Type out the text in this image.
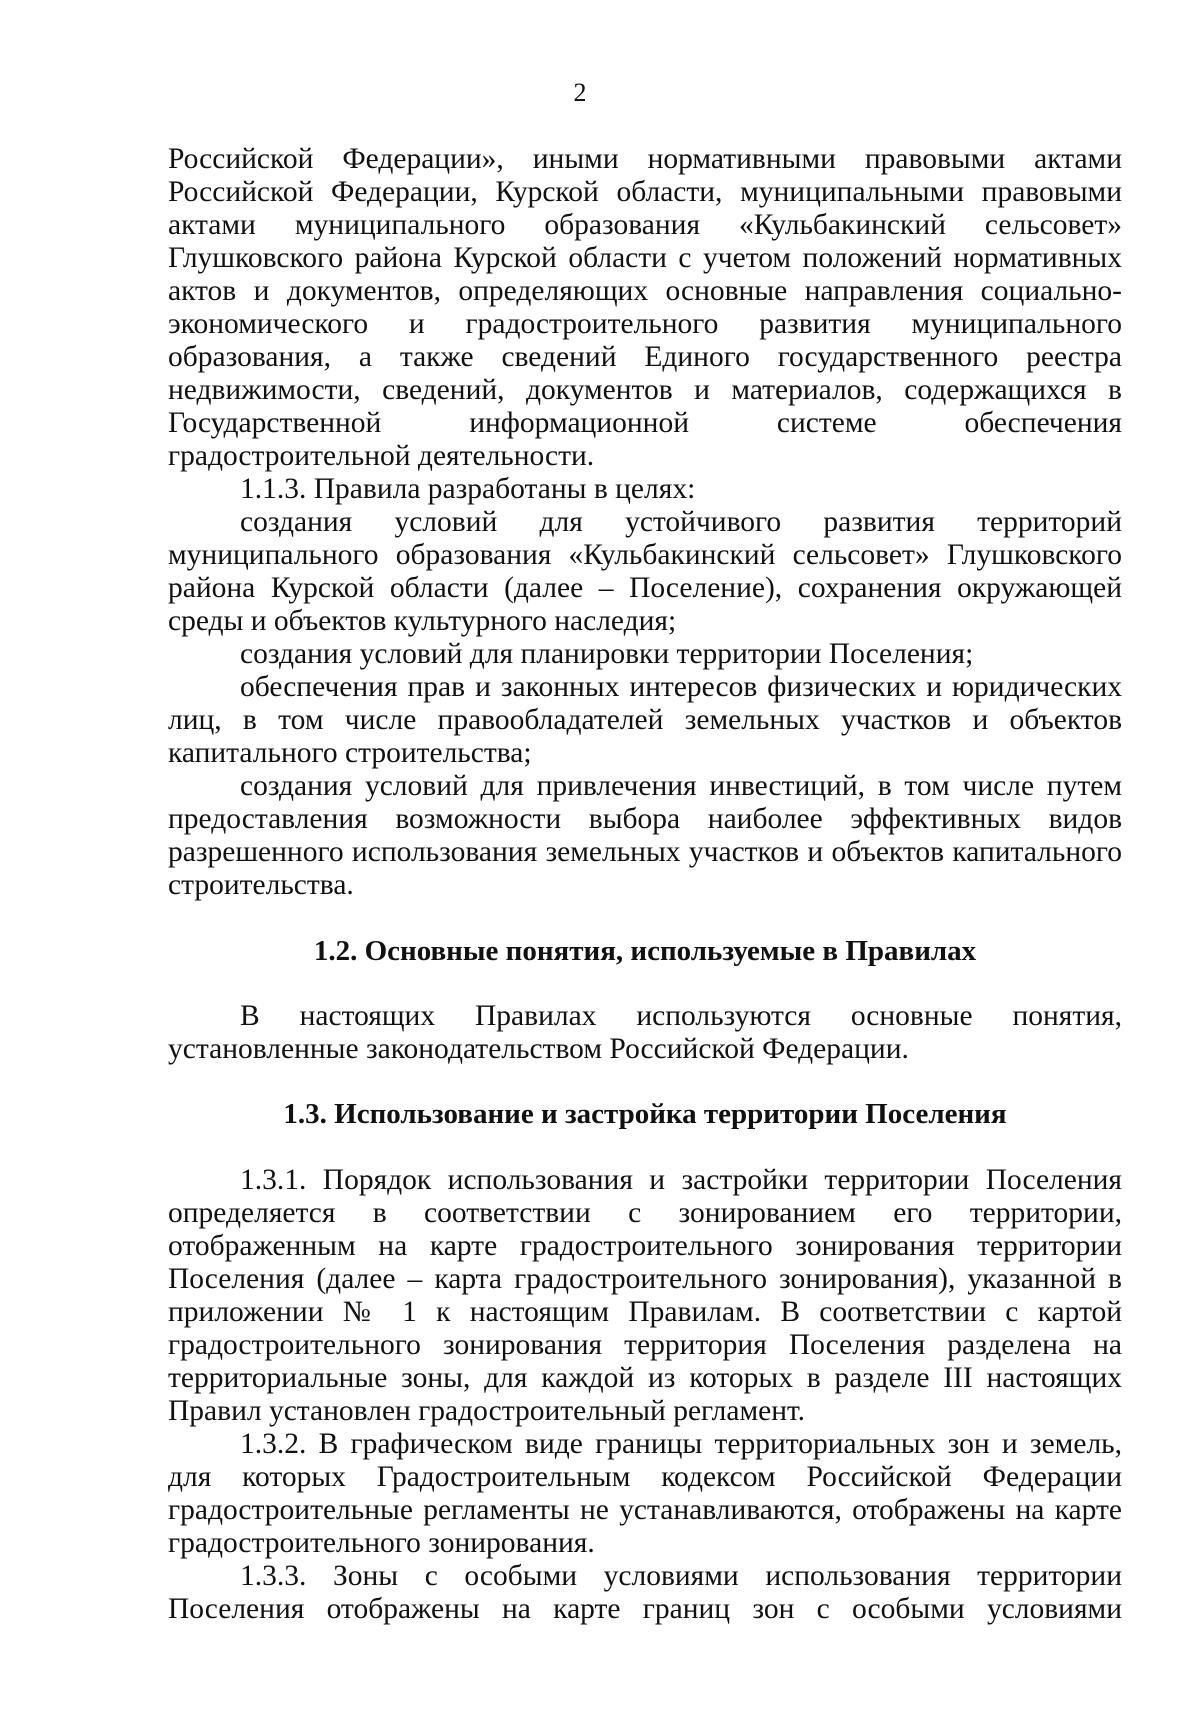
2
Российской Федерации», иными нормативными правовыми актами
Российской Федерации, Курской области, муниципальными правовыми
актами муниципального образования «Кульбакинский сельсовет»
Глушковского района Курской области с учетом положений нормативных
актов и документов, определяющих основные направления социально-
экономического и градостроительного развития муниципального
образования, а также сведений Единого государственного реестра
недвижимости, сведений, документов и материалов, содержащихся в
Государственной информационной системе обеспечения
градостроительной деятельности.
1.1.3. Правила разработаны в целях:
создания условий для устойчивого развития территорий
муниципального образования «Кульбакинский сельсовет» Глушковского
района Курской области (далее – Поселение), сохранения окружающей
среды и объектов культурного наследия;
создания условий для планировки территории Поселения;
обеспечения прав и законных интересов физических и юридических
лиц, в том числе правообладателей земельных участков и объектов
капитального строительства;
создания условий для привлечения инвестиций, в том числе путем
предоставления возможности выбора наиболее эффективных видов
разрешенного использования земельных участков и объектов капитального
строительства.
1.2. Основные понятия, используемые в Правилах
В настоящих Правилах используются основные понятия,
установленные законодательством Российской Федерации.
1.3. Использование и застройка территории Поселения
1.3.1. Порядок использования и застройки территории Поселения
определяется в соответствии с зонированием его территории,
отображенным на карте градостроительного зонирования территории
Поселения (далее – карта градостроительного зонирования), указанной в
приложении № 1 к настоящим Правилам. В соответствии с картой
градостроительного зонирования территория Поселения разделена на
территориальные зоны, для каждой из которых в разделе III настоящих
Правил установлен градостроительный регламент.
1.3.2. В графическом виде границы территориальных зон и земель,
для которых Градостроительным кодексом Российской Федерации
градостроительные регламенты не устанавливаются, отображены на карте
градостроительного зонирования.
1.3.3. Зоны с особыми условиями использования территории
Поселения отображены на карте границ зон с особыми условиями
